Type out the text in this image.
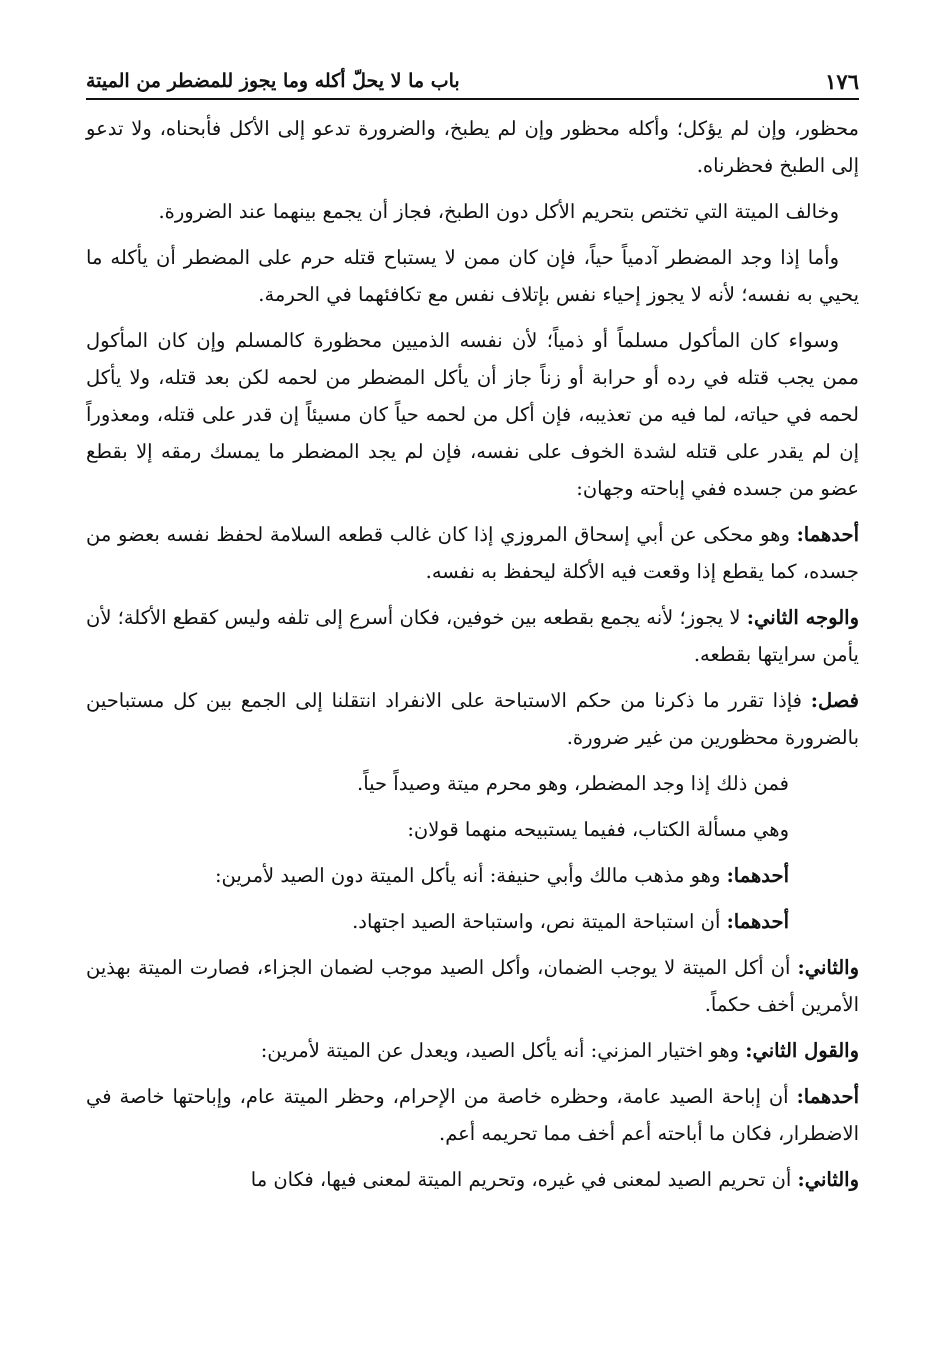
١٧٦
باب ما لا يحلّ أكله وما يجوز للمضطر من الميتة

محظور، وإن لم يؤكل؛ وأكله محظور وإن لم يطبخ، والضرورة تدعو إلى الأكل فأبحناه، ولا تدعو إلى الطبخ فحظرناه.

وخالف الميتة التي تختص بتحريم الأكل دون الطبخ، فجاز أن يجمع بينهما عند الضرورة.

وأما إذا وجد المضطر آدمياً حياً، فإن كان ممن لا يستباح قتله حرم على المضطر أن يأكله ما يحيي به نفسه؛ لأنه لا يجوز إحياء نفس بإتلاف نفس مع تكافئهما في الحرمة.

وسواء كان المأكول مسلماً أو ذمياً؛ لأن نفسه الذميين محظورة كالمسلم وإن كان المأكول ممن يجب قتله في رده أو حرابة أو زناً جاز أن يأكل المضطر من لحمه لكن بعد قتله، ولا يأكل لحمه في حياته، لما فيه من تعذيبه، فإن أكل من لحمه حياً كان مسيئاً إن قدر على قتله، ومعذوراً إن لم يقدر على قتله لشدة الخوف على نفسه، فإن لم يجد المضطر ما يمسك رمقه إلا بقطع عضو من جسده ففي إباحته وجهان:

أحدهما: وهو محكى عن أبي إسحاق المروزي إذا كان غالب قطعه السلامة لحفظ نفسه بعضو من جسده، كما يقطع إذا وقعت فيه الأكلة ليحفظ به نفسه.

والوجه الثاني: لا يجوز؛ لأنه يجمع بقطعه بين خوفين، فكان أسرع إلى تلفه وليس كقطع الأكلة؛ لأن يأمن سرايتها بقطعه.

فصل: فإذا تقرر ما ذكرنا من حكم الاستباحة على الانفراد انتقلنا إلى الجمع بين كل مستباحين بالضرورة محظورين من غير ضرورة.

فمن ذلك إذا وجد المضطر، وهو محرم ميتة وصيداً حياً.

وهي مسألة الكتاب، ففيما يستبيحه منهما قولان:

أحدهما: وهو مذهب مالك وأبي حنيفة: أنه يأكل الميتة دون الصيد لأمرين:

أحدهما: أن استباحة الميتة نص، واستباحة الصيد اجتهاد.

والثاني: أن أكل الميتة لا يوجب الضمان، وأكل الصيد موجب لضمان الجزاء، فصارت الميتة بهذين الأمرين أخف حكماً.

والقول الثاني: وهو اختيار المزني: أنه يأكل الصيد، ويعدل عن الميتة لأمرين:

أحدهما: أن إباحة الصيد عامة، وحظره خاصة من الإحرام، وحظر الميتة عام، وإباحتها خاصة في الاضطرار، فكان ما أباحته أعم أخف مما تحريمه أعم.

والثاني: أن تحريم الصيد لمعنى في غيره، وتحريم الميتة لمعنى فيها، فكان ما
